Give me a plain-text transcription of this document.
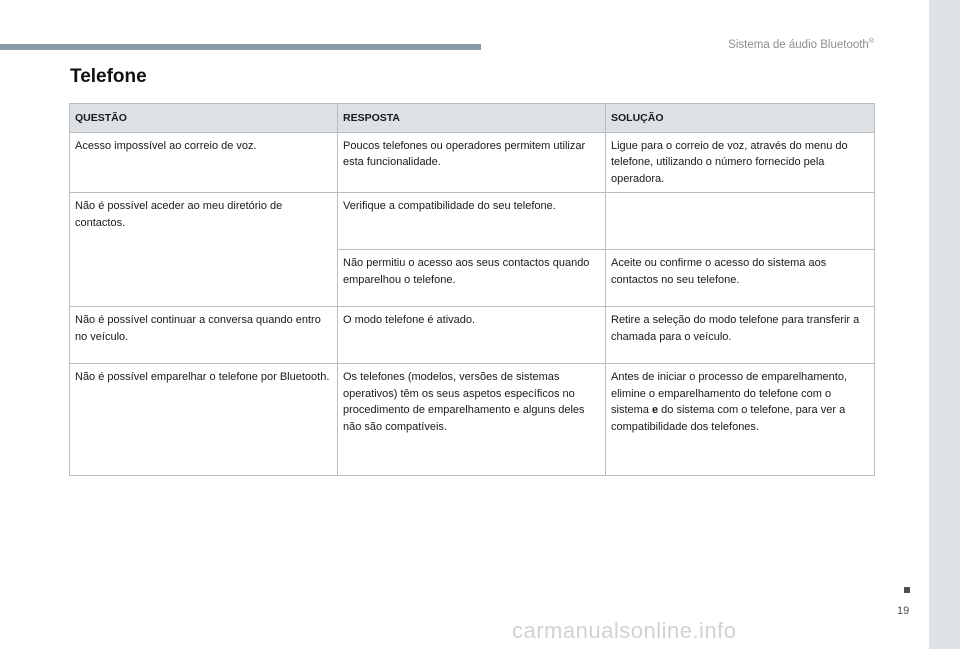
Sistema de áudio Bluetooth®
Telefone
QUESTÃO	RESPOSTA	SOLUÇÃO
Acesso impossível ao correio de voz.	Poucos telefones ou operadores permitem utilizar esta funcionalidade.	Ligue para o correio de voz, através do menu do telefone, utilizando o número fornecido pela operadora.
Não é possível aceder ao meu diretório de contactos.	Verifique a compatibilidade do seu telefone.	
	Não permitiu o acesso aos seus contactos quando emparelhou o telefone.	Aceite ou confirme o acesso do sistema aos contactos no seu telefone.
Não é possível continuar a conversa quando entro no veículo.	O modo telefone é ativado.	Retire a seleção do modo telefone para transferir a chamada para o veículo.
Não é possível emparelhar o telefone por Bluetooth.	Os telefones (modelos, versões de sistemas operativos) têm os seus aspetos específicos no procedimento de emparelhamento e alguns deles não são compatíveis.	Antes de iniciar o processo de emparelhamento, elimine o emparelhamento do telefone com o sistema e do sistema com o telefone, para ver a compatibilidade dos telefones.
19
carmanualsonline.info
